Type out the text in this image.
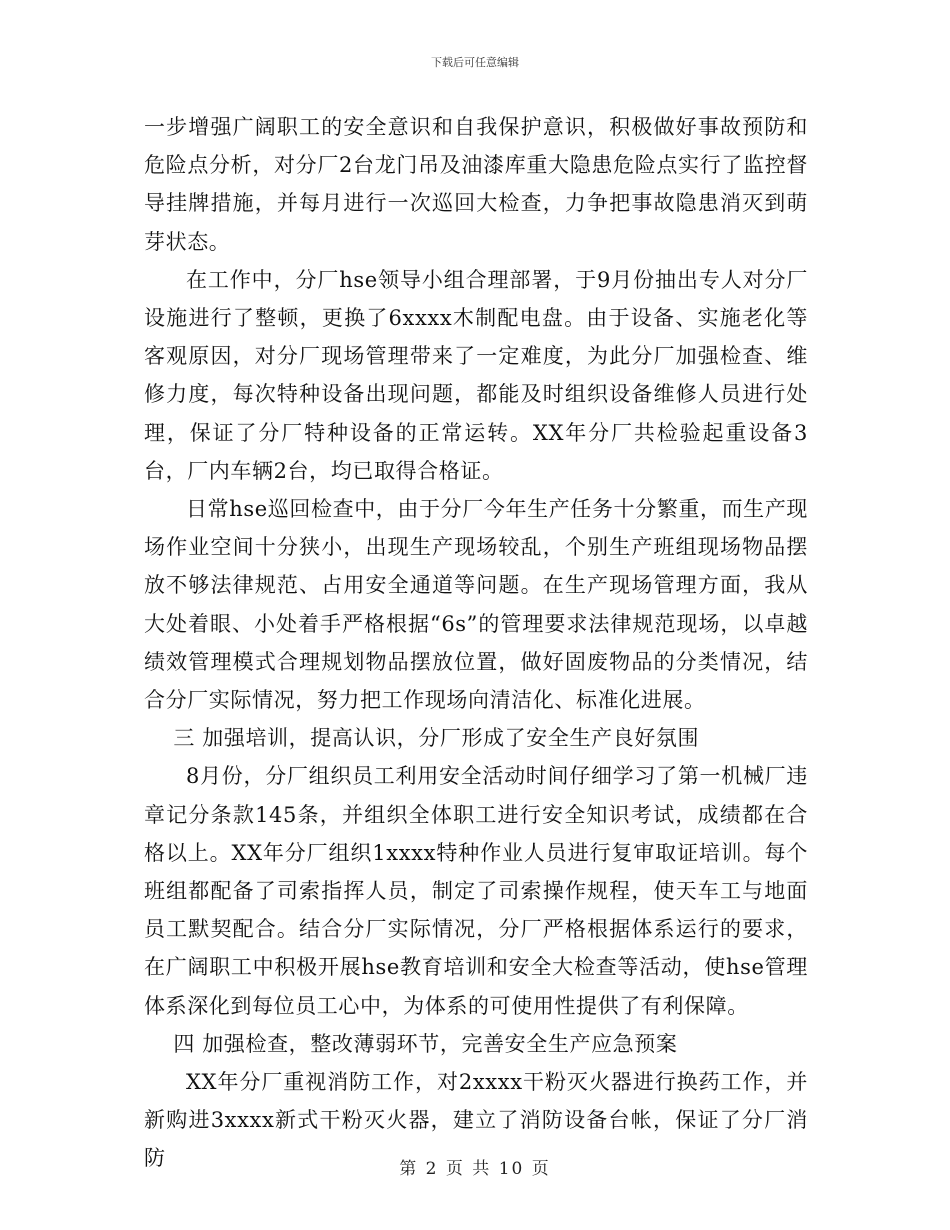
下载后可任意编辑

一步增强广阔职工的安全意识和自我保护意识，积极做好事故预防和危险点分析，对分厂2台龙门吊及油漆库重大隐患危险点实行了监控督导挂牌措施，并每月进行一次巡回大检查，力争把事故隐患消灭到萌芽状态。

在工作中，分厂hse领导小组合理部署，于9月份抽出专人对分厂设施进行了整顿，更换了6xxxx木制配电盘。由于设备、实施老化等客观原因，对分厂现场管理带来了一定难度，为此分厂加强检查、维修力度，每次特种设备出现问题，都能及时组织设备维修人员进行处理，保证了分厂特种设备的正常运转。XX年分厂共检验起重设备3台，厂内车辆2台，均已取得合格证。

日常hse巡回检查中，由于分厂今年生产任务十分繁重，而生产现场作业空间十分狭小，出现生产现场较乱，个别生产班组现场物品摆放不够法律规范、占用安全通道等问题。在生产现场管理方面，我从大处着眼、小处着手严格根据“6s”的管理要求法律规范现场，以卓越绩效管理模式合理规划物品摆放位置，做好固废物品的分类情况，结合分厂实际情况，努力把工作现场向清洁化、标准化进展。

三 加强培训，提高认识，分厂形成了安全生产良好氛围

8月份，分厂组织员工利用安全活动时间仔细学习了第一机械厂违章记分条款145条，并组织全体职工进行安全知识考试，成绩都在合格以上。XX年分厂组织1xxxx特种作业人员进行复审取证培训。每个班组都配备了司索指挥人员，制定了司索操作规程，使天车工与地面员工默契配合。结合分厂实际情况，分厂严格根据体系运行的要求，在广阔职工中积极开展hse教育培训和安全大检查等活动，使hse管理体系深化到每位员工心中，为体系的可使用性提供了有利保障。

四 加强检查，整改薄弱环节，完善安全生产应急预案

XX年分厂重视消防工作，对2xxxx干粉灭火器进行换药工作，并新购进3xxxx新式干粉灭火器，建立了消防设备台帐，保证了分厂消防	第 2 页 共 10 页
